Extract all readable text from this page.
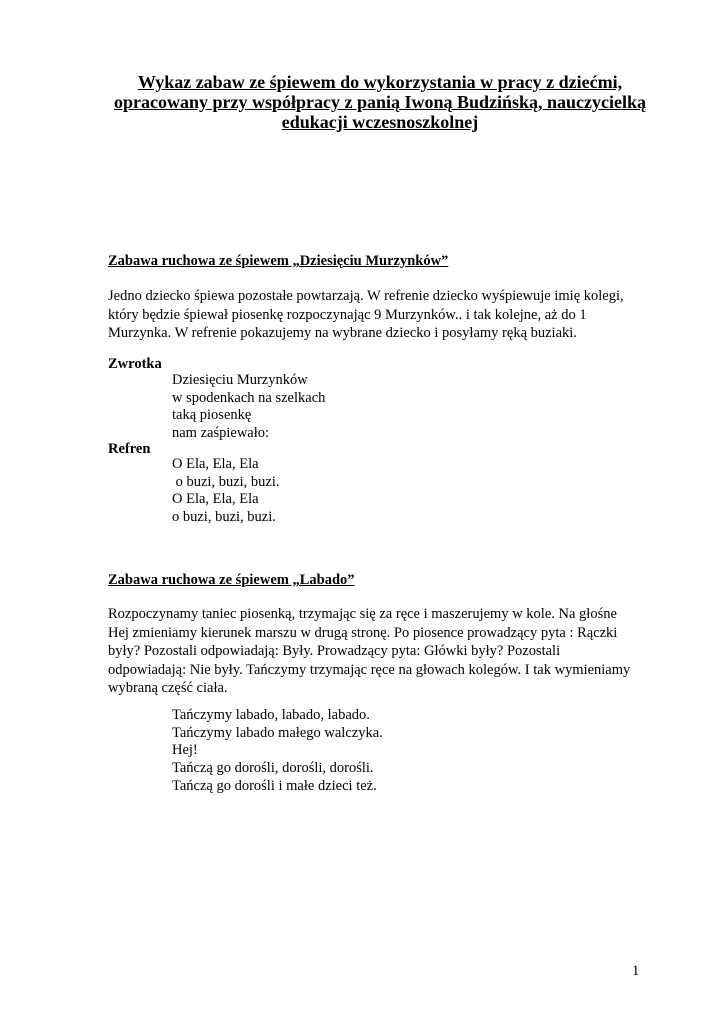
Wykaz zabaw ze śpiewem do wykorzystania w pracy z dziećmi,
opracowany przy współpracy z panią Iwoną Budzińską, nauczycielką
edukacji wczesnoszkolnej
Zabawa ruchowa ze śpiewem „Dziesięciu Murzynków”
Jedno dziecko śpiewa pozostałe powtarzają. W refrenie dziecko wyśpiewuje imię kolegi,
który będzie śpiewał piosenkę rozpoczynając 9 Murzynków.. i tak kolejne, aż do 1
Murzynka. W refrenie pokazujemy na wybrane dziecko i posyłamy ręką buziaki.
Zwrotka
Dziesięciu Murzynków
w spodenkach na szelkach
taką piosenkę
nam zaśpiewało:
Refren
O Ela, Ela, Ela
o buzi, buzi, buzi.
O Ela, Ela, Ela
o buzi, buzi, buzi.
Zabawa ruchowa ze śpiewem „Labado”
Rozpoczynamy taniec piosenką, trzymając się za ręce i maszerujemy w kole. Na głośne
Hej zmieniamy kierunek marszu w drugą stronę. Po piosence prowadzący pyta : Rączki
były? Pozostali odpowiadają: Były. Prowadzący pyta: Główki były? Pozostali
odpowiadają: Nie były. Tańczymy trzymając ręce na głowach kolegów. I tak wymieniamy
wybraną część ciała.
Tańczymy labado, labado, labado.
Tańczymy labado małego walczyka.
Hej!
Tańczą go dorośli, dorośli, dorośli.
Tańczą go dorośli i małe dzieci też.
1
